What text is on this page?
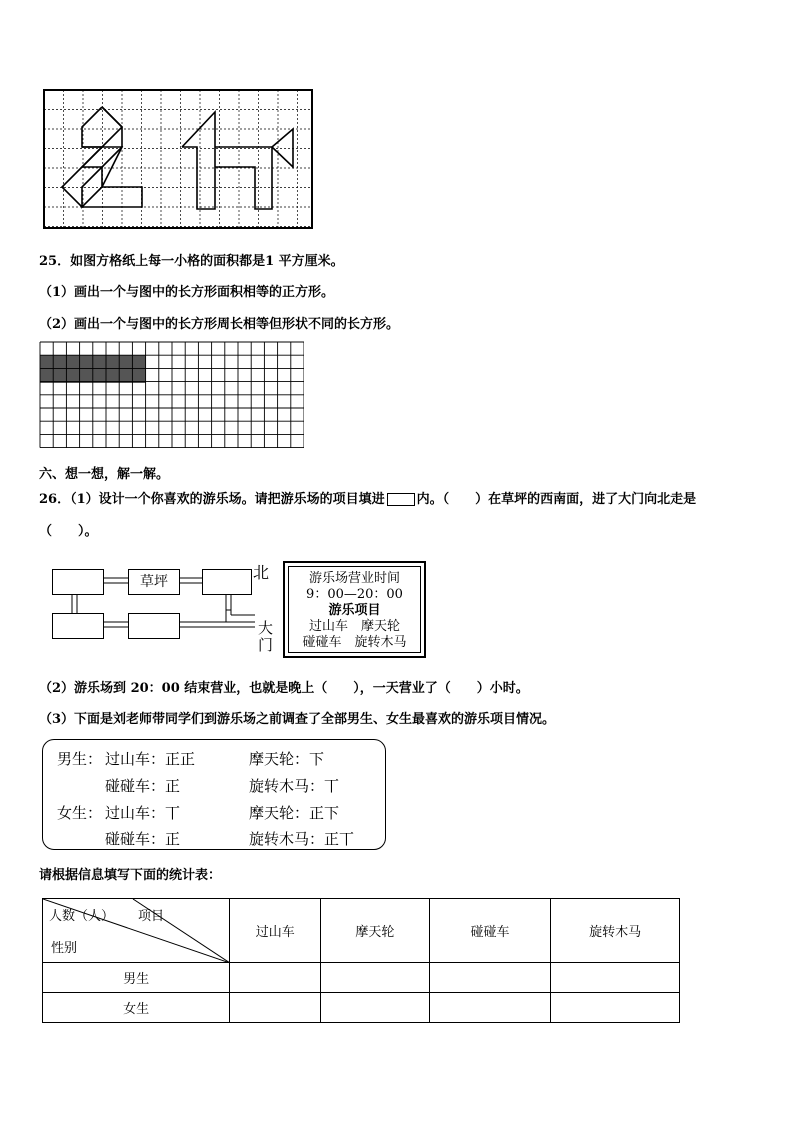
25．如图方格纸上每一小格的面积都是1 平方厘米。
（1）画出一个与图中的长方形面积相等的正方形。
（2）画出一个与图中的长方形周长相等但形状不同的长方形。
六、想一想，解一解。
26．（1）设计一个你喜欢的游乐场。请把游乐场的项目填进 内。（　　）在草坪的西南面，进了大门向北走是
（　　）。
草坪	北
大
门
游乐场营业时间
9：00—20：00
游乐项目
过山车　 摩天轮
碰碰车　 旋转木马
（2）游乐场到 20：00 结束营业，也就是晚上（　　），一天营业了（　　）小时。
（3）下面是刘老师带同学们到游乐场之前调查了全部男生、女生最喜欢的游乐项目情况。
男生： 过山车：正正	摩天轮：下
碰碰车：正	旋转木马：丅
女生： 过山车：丅	摩天轮：正下
碰碰车：正	旋转木马：正丅
请根据信息填写下面的统计表：
人数（人） 项目
性别	过山车	摩天轮	碰碰车	旋转木马
男生				
女生				
